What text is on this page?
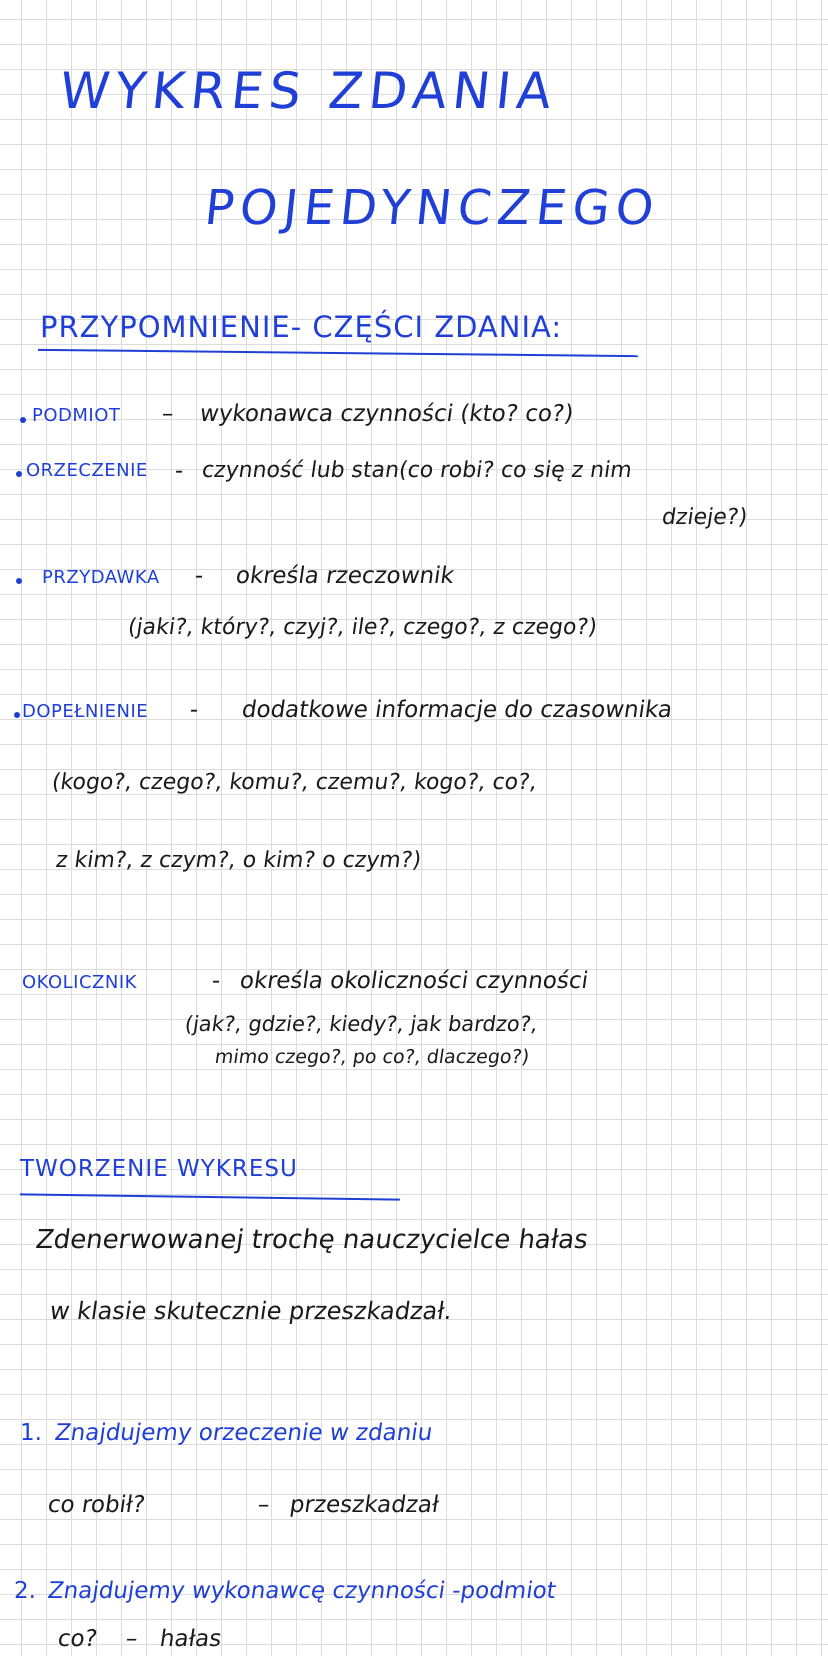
WYKRES ZDANIA
POJEDYNCZEGO
PRZYPOMNIENIE- CZĘŚCI ZDANIA:
PODMIOT – wykonawca czynności (kto? co?)
ORZECZENIE - czynność lub stan(co robi? co się z nim
dzieje?)
PRZYDAWKA - określa rzeczownik
(jaki?, który?, czyj?, ile?, czego?, z czego?)
DOPEŁNIENIE - dodatkowe informacje do czasownika
(kogo?, czego?, komu?, czemu?, kogo?, co?,
z kim?, z czym?, o kim? o czym?)
OKOLICZNIK	- określa okoliczności czynności
(jak?, gdzie?, kiedy?, jak bardzo?,
mimo czego?, po co?, dlaczego?)
TWORZENIE WYKRESU
Zdenerwowanej trochę nauczycielce hałas
w klasie skutecznie przeszkadzał.
1. Znajdujemy orzeczenie w zdaniu
co robił?	– przeszkadzał
2. Znajdujemy wykonawcę czynności -podmiot
co? – hałas
